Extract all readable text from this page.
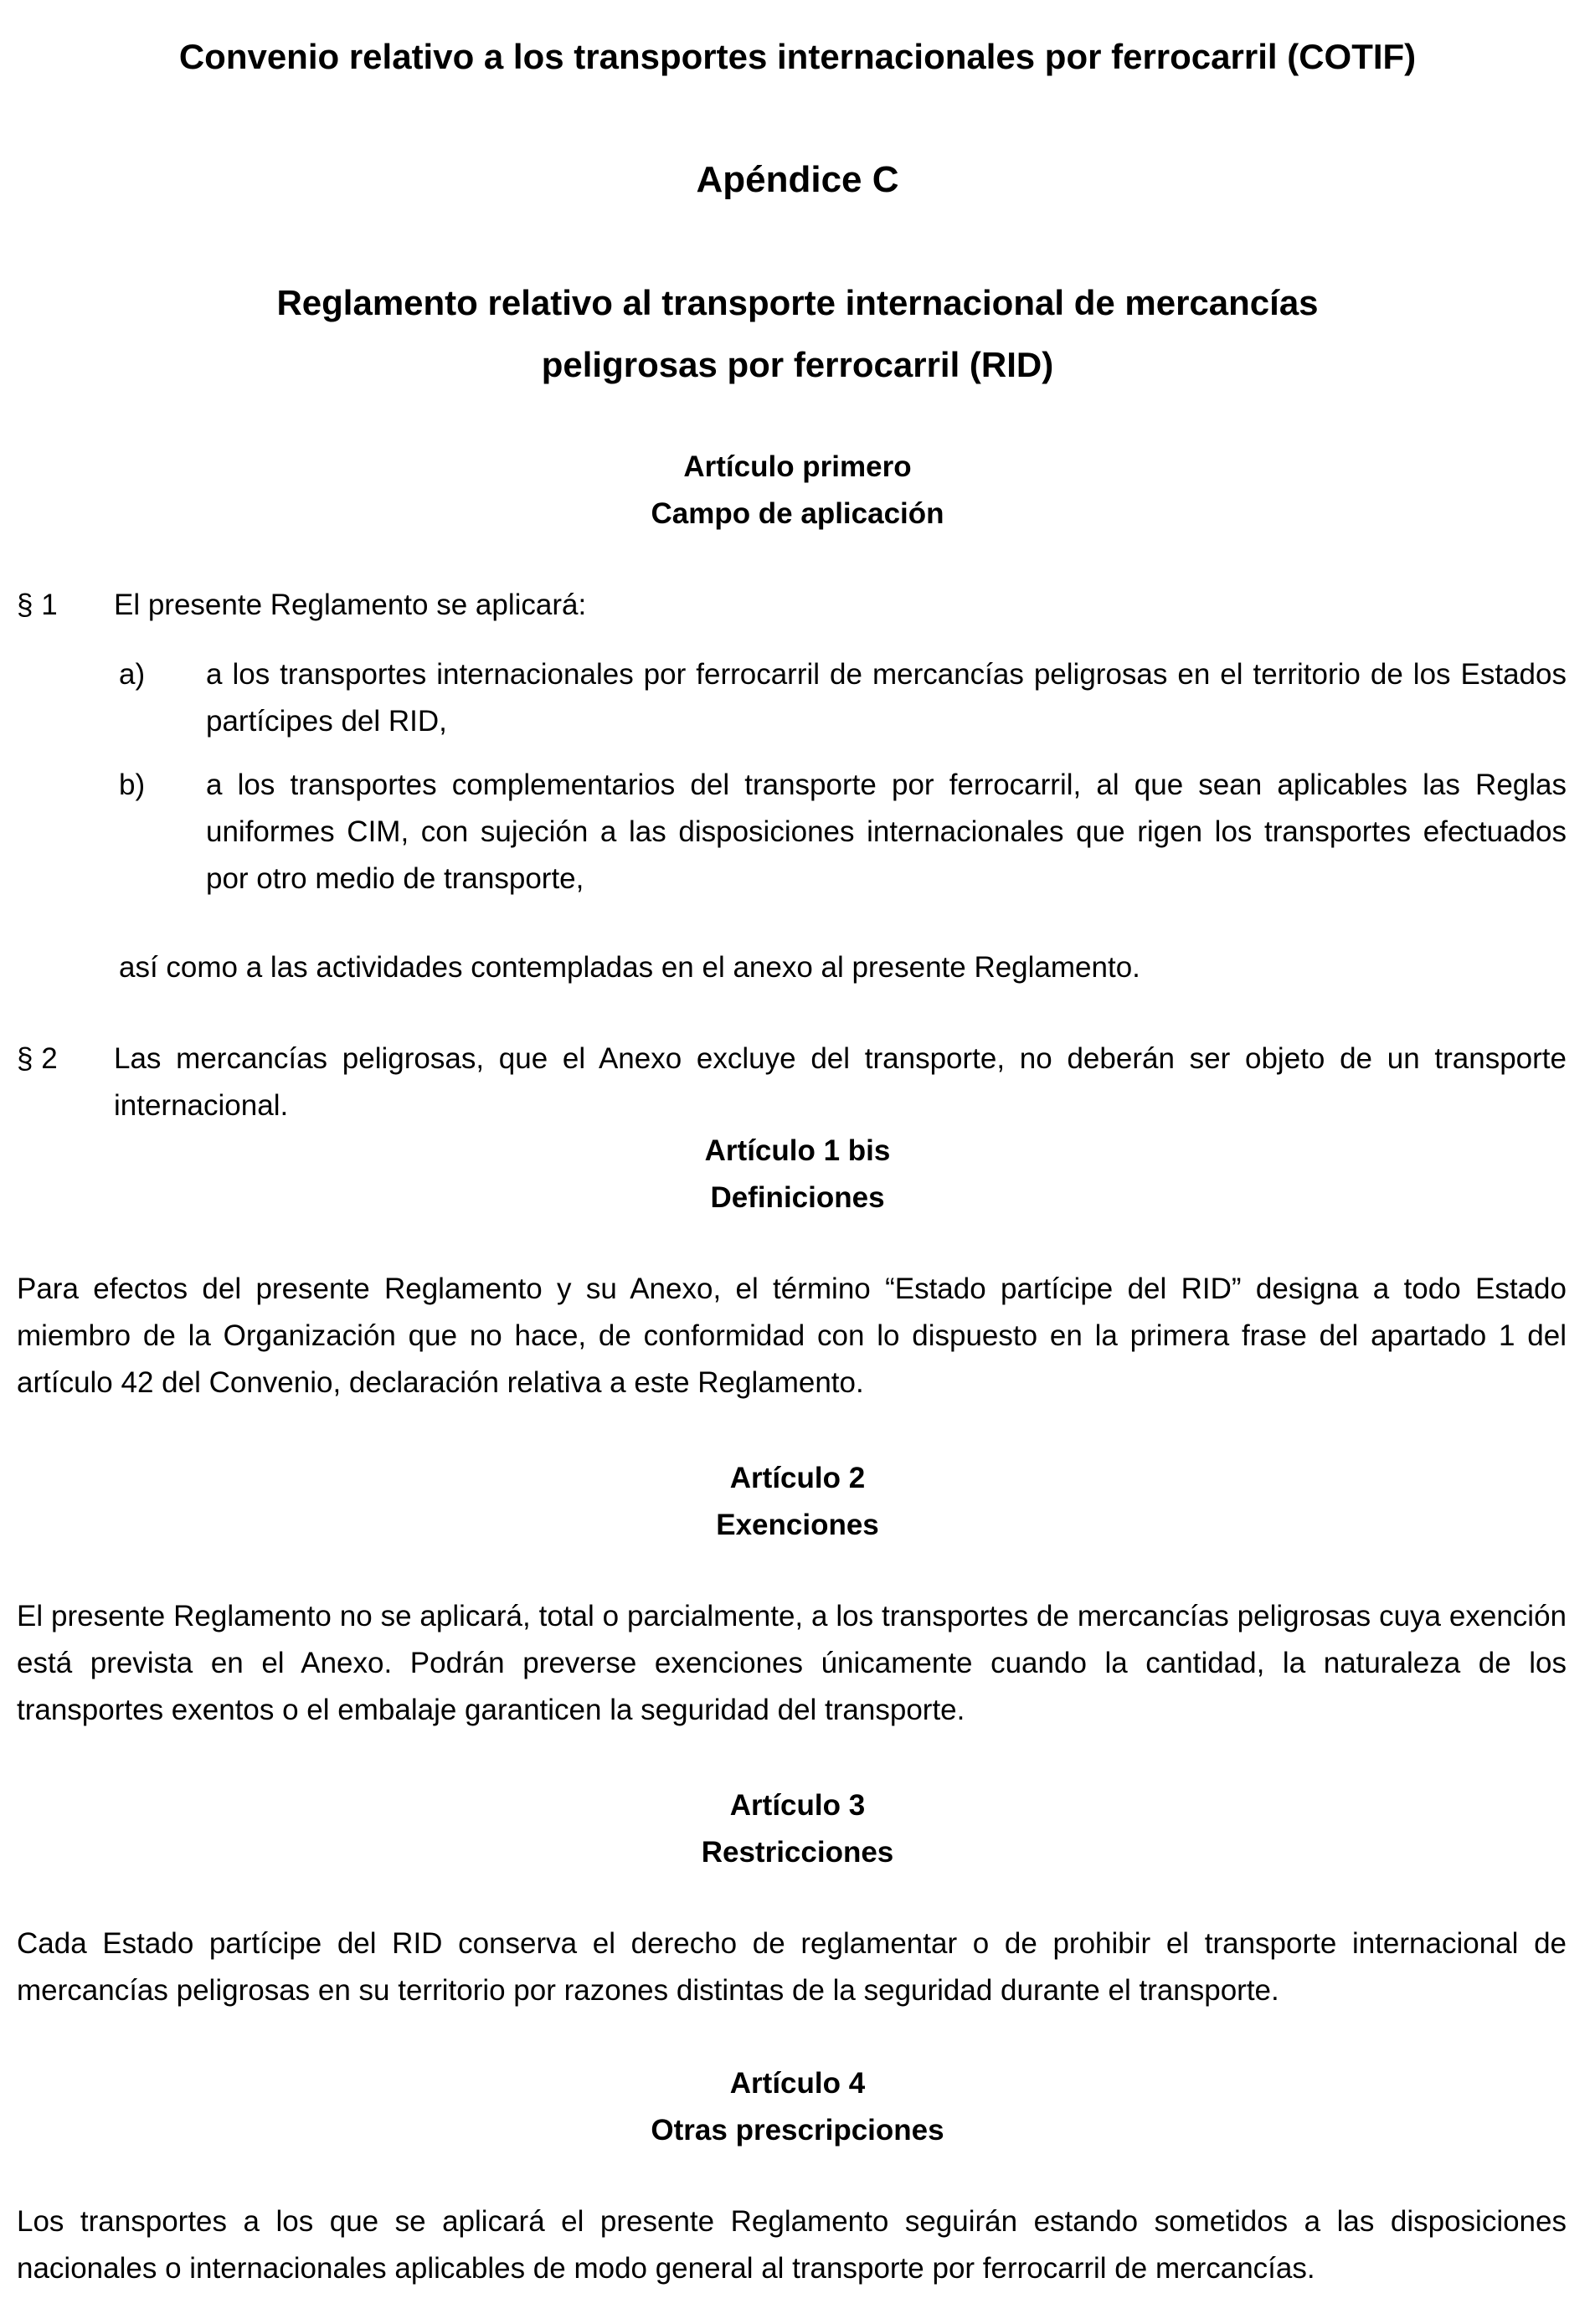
Convenio relativo a los transportes internacionales por ferrocarril (COTIF)
Apéndice C
Reglamento relativo al transporte internacional de mercancías
peligrosas por ferrocarril (RID)
Artículo primero
Campo de aplicación

§ 1 El presente Reglamento se aplicará:

a) a los transportes internacionales por ferrocarril de mercancías peligrosas en el territorio de los Estados partícipes del RID,

b) a los transportes complementarios del transporte por ferrocarril, al que sean aplicables las Reglas uniformes CIM, con sujeción a las disposiciones internacionales que rigen los transportes efectuados por otro medio de transporte,

así como a las actividades contempladas en el anexo al presente Reglamento.

§ 2 Las mercancías peligrosas, que el Anexo excluye del transporte, no deberán ser objeto de un transporte internacional.

Artículo 1 bis
Definiciones

Para efectos del presente Reglamento y su Anexo, el término “Estado partícipe del RID” designa a todo Estado miembro de la Organización que no hace, de conformidad con lo dispuesto en la primera frase del apartado 1 del artículo 42 del Convenio, declaración relativa a este Reglamento.

Artículo 2
Exenciones

El presente Reglamento no se aplicará, total o parcialmente, a los transportes de mercancías peligrosas cuya exención está prevista en el Anexo. Podrán preverse exenciones únicamente cuando la cantidad, la naturaleza de los transportes exentos o el embalaje garanticen la seguridad del transporte.

Artículo 3
Restricciones

Cada Estado partícipe del RID conserva el derecho de reglamentar o de prohibir el transporte internacional de mercancías peligrosas en su territorio por razones distintas de la seguridad durante el transporte.

Artículo 4
Otras prescripciones

Los transportes a los que se aplicará el presente Reglamento seguirán estando sometidos a las disposiciones nacionales o internacionales aplicables de modo general al transporte por ferrocarril de mercancías.
